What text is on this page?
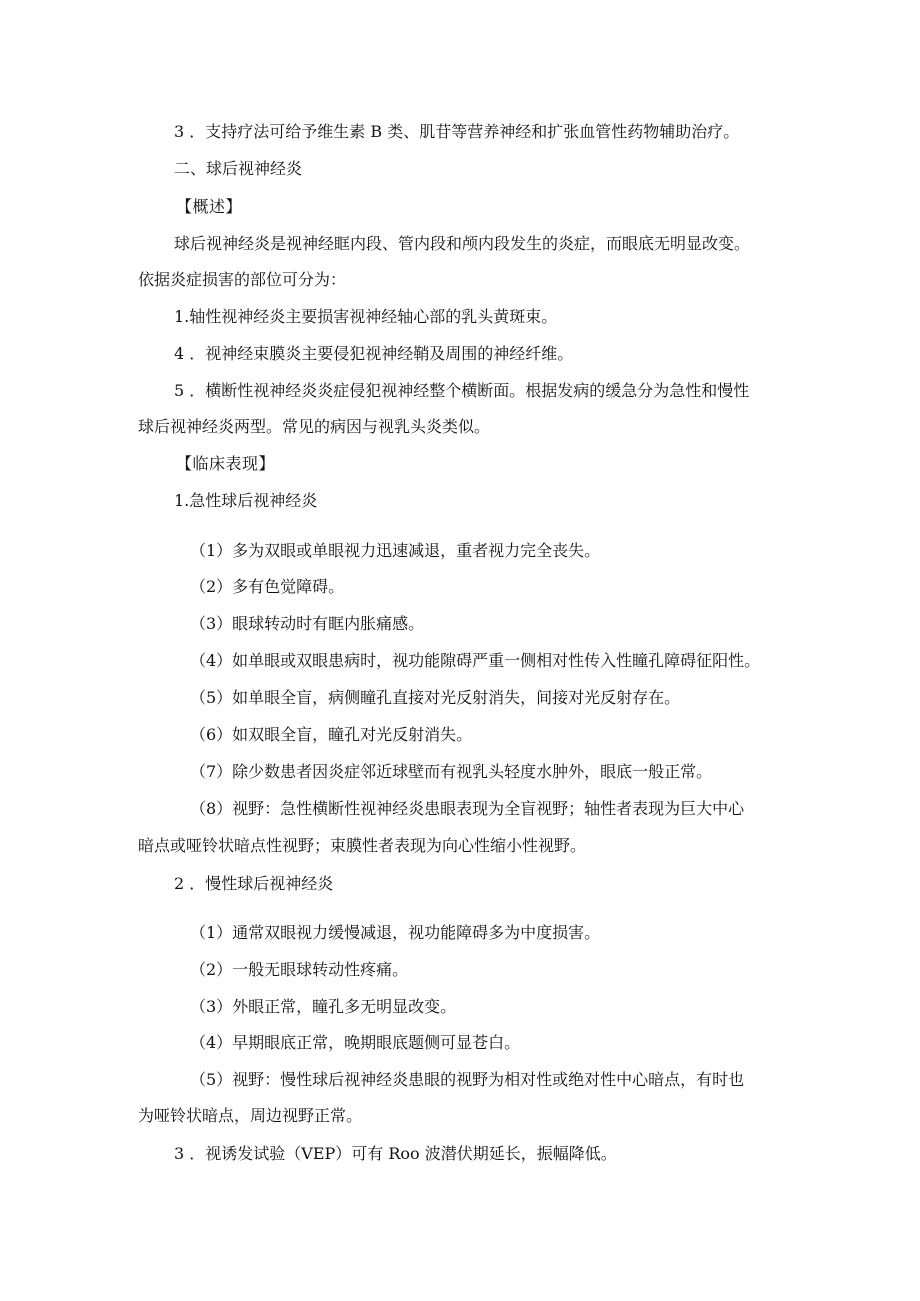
3 ．支持疗法可给予维生素 B 类、肌苷等营养神经和扩张血管性药物辅助治疗。
二、球后视神经炎
【概述】
球后视神经炎是视神经眶内段、管内段和颅内段发生的炎症，而眼底无明显改变。
依据炎症损害的部位可分为：
1.轴性视神经炎主要损害视神经轴心部的乳头黄斑束。
4 ．视神经束膜炎主要侵犯视神经鞘及周围的神经纤维。
5 ．横断性视神经炎炎症侵犯视神经整个横断面。根据发病的缓急分为急性和慢性
球后视神经炎两型。常见的病因与视乳头炎类似。
【临床表现】
1.急性球后视神经炎
（1）多为双眼或单眼视力迅速减退，重者视力完全丧失。
（2）多有色觉障碍。
（3）眼球转动时有眶内胀痛感。
（4）如单眼或双眼患病时，视功能隙碍严重一侧相对性传入性瞳孔障碍征阳性。
（5）如单眼全盲，病侧瞳孔直接对光反射消失，间接对光反射存在。
（6）如双眼全盲，瞳孔对光反射消失。
（7）除少数患者因炎症邻近球壁而有视乳头轻度水肿外，眼底一般正常。
（8）视野：急性横断性视神经炎患眼表现为全盲视野；轴性者表现为巨大中心
暗点或哑铃状暗点性视野；束膜性者表现为向心性缩小性视野。
2 ．慢性球后视神经炎
（1）通常双眼视力缓慢减退，视功能障碍多为中度损害。
（2）一般无眼球转动性疼痛。
（3）外眼正常，瞳孔多无明显改变。
（4）早期眼底正常，晚期眼底题侧可显苍白。
（5）视野：慢性球后视神经炎患眼的视野为相对性或绝对性中心暗点，有时也
为哑铃状暗点，周边视野正常。
3 ．视诱发试验（VEP）可有 Roo 波潜伏期延长，振幅降低。
